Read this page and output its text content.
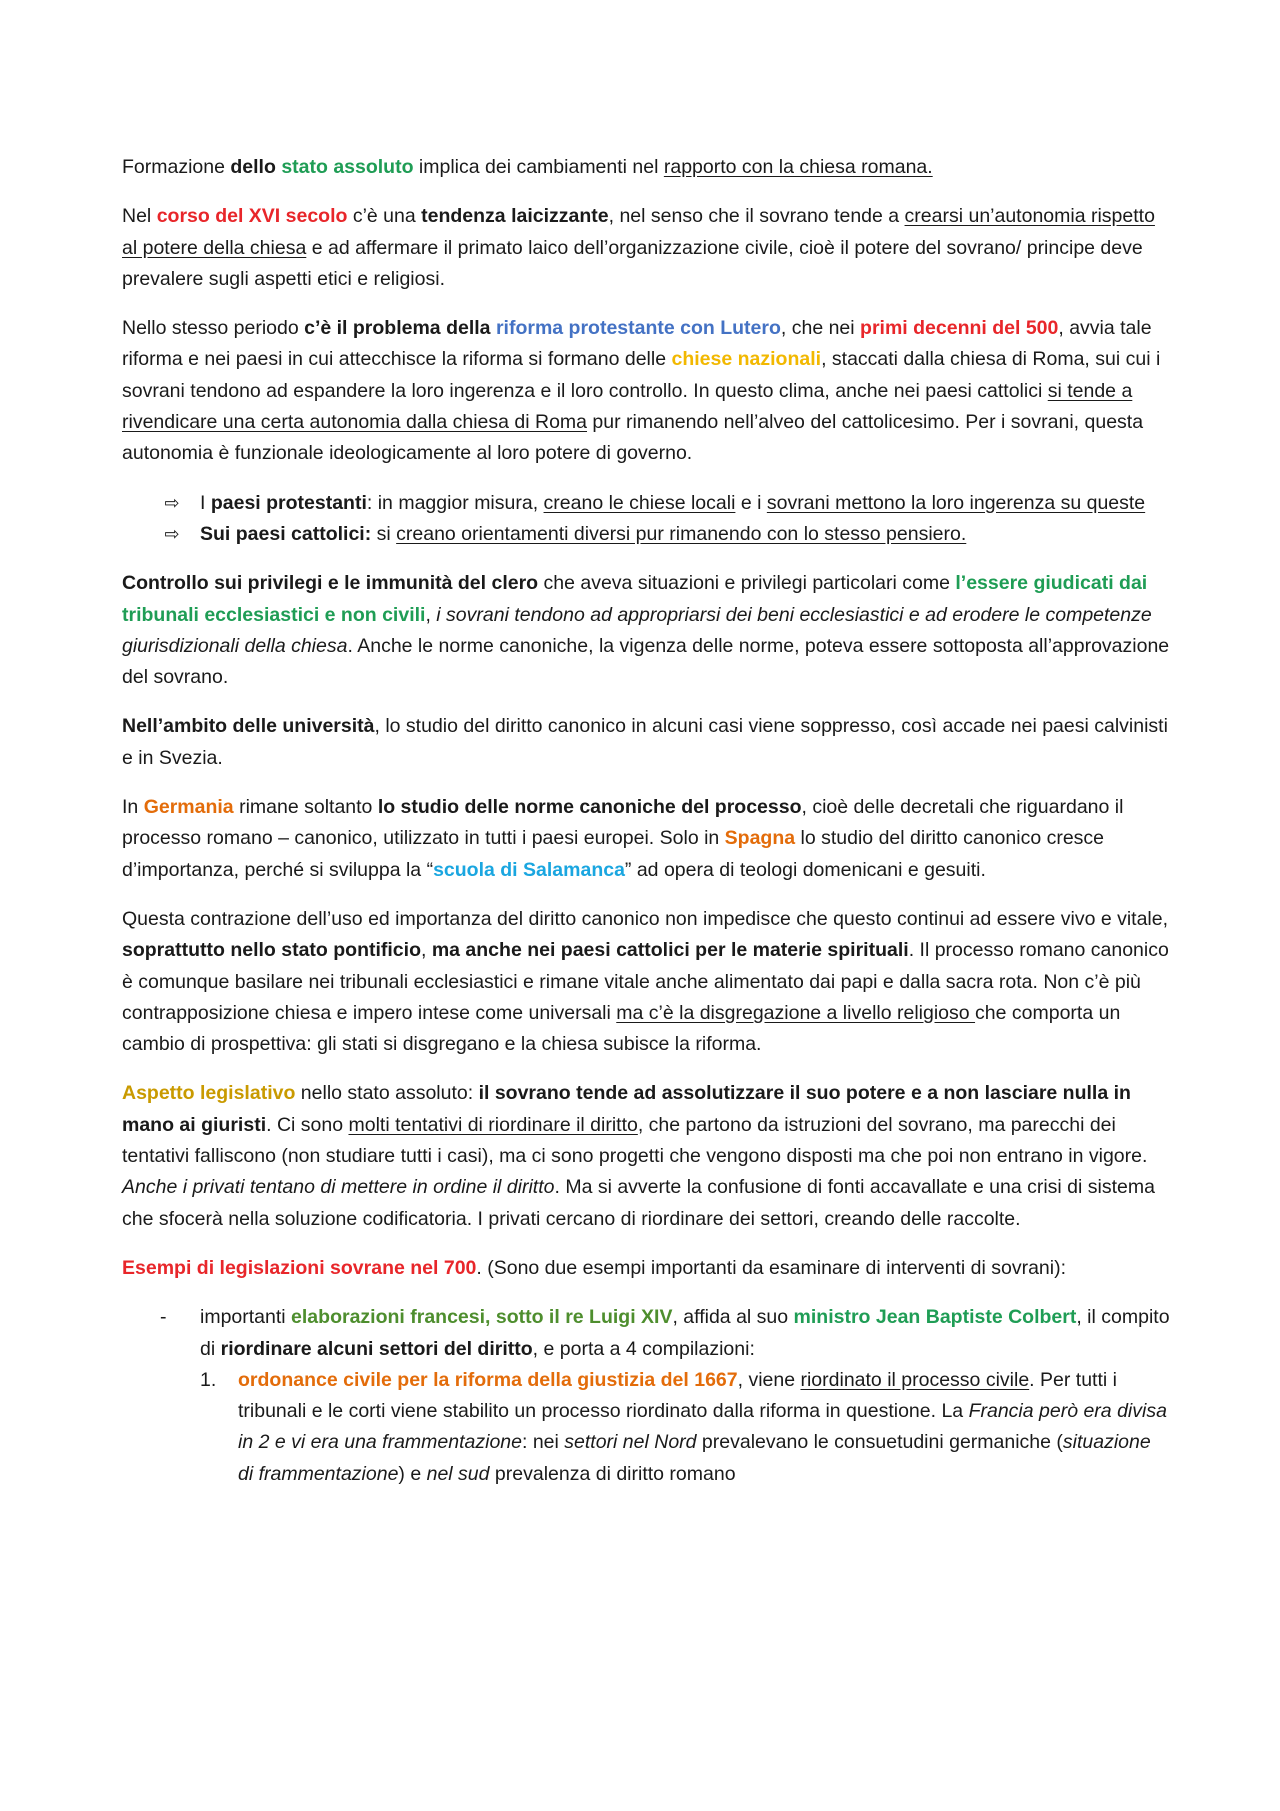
Formazione dello stato assoluto implica dei cambiamenti nel rapporto con la chiesa romana.

Nel corso del XVI secolo c’è una tendenza laicizzante, nel senso che il sovrano tende a crearsi un’autonomia rispetto al potere della chiesa e ad affermare il primato laico dell’organizzazione civile, cioè il potere del sovrano/ principe deve prevalere sugli aspetti etici e religiosi.

Nello stesso periodo c’è il problema della riforma protestante con Lutero, che nei primi decenni del 500, avvia tale riforma e nei paesi in cui attecchisce la riforma si formano delle chiese nazionali, staccati dalla chiesa di Roma, sui cui i sovrani tendono ad espandere la loro ingerenza e il loro controllo. In questo clima, anche nei paesi cattolici si tende a rivendicare una certa autonomia dalla chiesa di Roma pur rimanendo nell’alveo del cattolicesimo. Per i sovrani, questa autonomia è funzionale ideologicamente al loro potere di governo.

⇨ I paesi protestanti: in maggior misura, creano le chiese locali e i sovrani mettono la loro ingerenza su queste
⇨ Sui paesi cattolici: si creano orientamenti diversi pur rimanendo con lo stesso pensiero.

Controllo sui privilegi e le immunità del clero che aveva situazioni e privilegi particolari come l’essere giudicati dai tribunali ecclesiastici e non civili, i sovrani tendono ad appropriarsi dei beni ecclesiastici e ad erodere le competenze giurisdizionali della chiesa. Anche le norme canoniche, la vigenza delle norme, poteva essere sottoposta all’approvazione del sovrano.

Nell’ambito delle università, lo studio del diritto canonico in alcuni casi viene soppresso, così accade nei paesi calvinisti e in Svezia.

In Germania rimane soltanto lo studio delle norme canoniche del processo, cioè delle decretali che riguardano il processo romano – canonico, utilizzato in tutti i paesi europei. Solo in Spagna lo studio del diritto canonico cresce d’importanza, perché si sviluppa la “scuola di Salamanca” ad opera di teologi domenicani e gesuiti.

Questa contrazione dell’uso ed importanza del diritto canonico non impedisce che questo continui ad essere vivo e vitale, soprattutto nello stato pontificio, ma anche nei paesi cattolici per le materie spirituali. Il processo romano canonico è comunque basilare nei tribunali ecclesiastici e rimane vitale anche alimentato dai papi e dalla sacra rota. Non c’è più contrapposizione chiesa e impero intese come universali ma c’è la disgregazione a livello religioso che comporta un cambio di prospettiva: gli stati si disgregano e la chiesa subisce la riforma.

Aspetto legislativo nello stato assoluto: il sovrano tende ad assolutizzare il suo potere e a non lasciare nulla in mano ai giuristi. Ci sono molti tentativi di riordinare il diritto, che partono da istruzioni del sovrano, ma parecchi dei tentativi falliscono (non studiare tutti i casi), ma ci sono progetti che vengono disposti ma che poi non entrano in vigore. Anche i privati tentano di mettere in ordine il diritto. Ma si avverte la confusione di fonti accavallate e una crisi di sistema che sfocerà nella soluzione codificatoria. I privati cercano di riordinare dei settori, creando delle raccolte.

Esempi di legislazioni sovrane nel 700. (Sono due esempi importanti da esaminare di interventi di sovrani):

- importanti elaborazioni francesi, sotto il re Luigi XIV, affida al suo ministro Jean Baptiste Colbert, il compito di riordinare alcuni settori del diritto, e porta a 4 compilazioni:
1. ordonance civile per la riforma della giustizia del 1667, viene riordinato il processo civile. Per tutti i tribunali e le corti viene stabilito un processo riordinato dalla riforma in questione. La Francia però era divisa in 2 e vi era una frammentazione: nei settori nel Nord prevalevano le consuetudini germaniche (situazione di frammentazione) e nel sud prevalenza di diritto romano
